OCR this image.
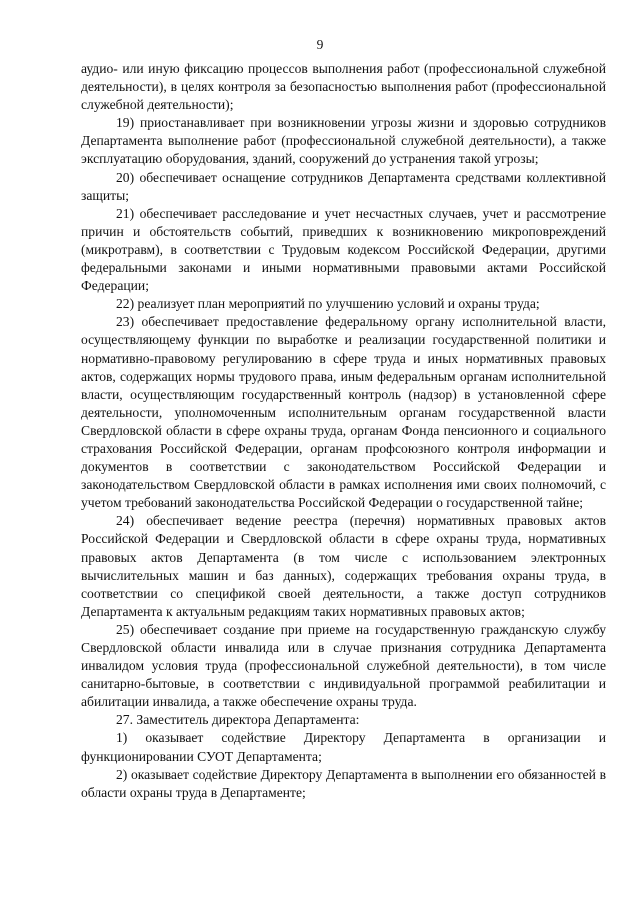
9

аудио- или иную фиксацию процессов выполнения работ (профессиональной служебной деятельности), в целях контроля за безопасностью выполнения работ (профессиональной служебной деятельности);

19) приостанавливает при возникновении угрозы жизни и здоровью сотрудников Департамента выполнение работ (профессиональной служебной деятельности), а также эксплуатацию оборудования, зданий, сооружений до устранения такой угрозы;

20) обеспечивает оснащение сотрудников Департамента средствами коллективной защиты;

21) обеспечивает расследование и учет несчастных случаев, учет и рассмотрение причин и обстоятельств событий, приведших к возникновению микроповреждений (микротравм), в соответствии с Трудовым кодексом Российской Федерации, другими федеральными законами и иными нормативными правовыми актами Российской Федерации;

22) реализует план мероприятий по улучшению условий и охраны труда;

23) обеспечивает предоставление федеральному органу исполнительной власти, осуществляющему функции по выработке и реализации государственной политики и нормативно-правовому регулированию в сфере труда и иных нормативных правовых актов, содержащих нормы трудового права, иным федеральным органам исполнительной власти, осуществляющим государственный контроль (надзор) в установленной сфере деятельности, уполномоченным исполнительным органам государственной власти Свердловской области в сфере охраны труда, органам Фонда пенсионного и социального страхования Российской Федерации, органам профсоюзного контроля информации и документов в соответствии с законодательством Российской Федерации и законодательством Свердловской области в рамках исполнения ими своих полномочий, с учетом требований законодательства Российской Федерации о государственной тайне;

24) обеспечивает ведение реестра (перечня) нормативных правовых актов Российской Федерации и Свердловской области в сфере охраны труда, нормативных правовых актов Департамента (в том числе с использованием электронных вычислительных машин и баз данных), содержащих требования охраны труда, в соответствии со спецификой своей деятельности, а также доступ сотрудников Департамента к актуальным редакциям таких нормативных правовых актов;

25) обеспечивает создание при приеме на государственную гражданскую службу Свердловской области инвалида или в случае признания сотрудника Департамента инвалидом условия труда (профессиональной служебной деятельности), в том числе санитарно-бытовые, в соответствии с индивидуальной программой реабилитации и абилитации инвалида, а также обеспечение охраны труда.

27. Заместитель директора Департамента:

1) оказывает содействие Директору Департамента в организации и функционировании СУОТ Департамента;

2) оказывает содействие Директору Департамента в выполнении его обязанностей в области охраны труда в Департаменте;
